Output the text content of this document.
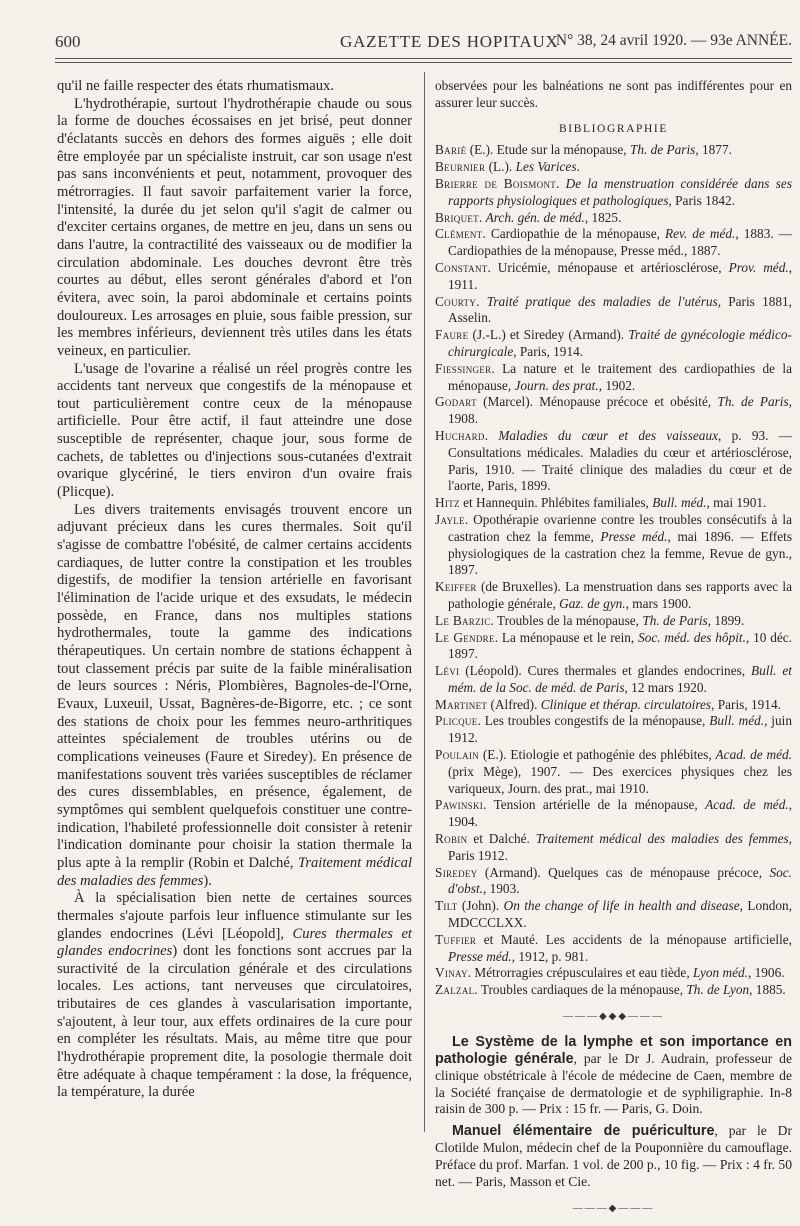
600	GAZETTE DES HOPITAUX
N° 38, 24 avril 1920. — 93e ANNÉE.

qu'il ne faille respecter des états rhumatismaux.

L'hydrothérapie, surtout l'hydrothérapie chaude ou sous la forme de douches écossaises en jet brisé, peut donner d'éclatants succès en dehors des formes aiguës ; elle doit être employée par un spécialiste instruit, car son usage n'est pas sans inconvénients et peut, notamment, provoquer des métrorragies. Il faut savoir parfaitement varier la force, l'intensité, la durée du jet selon qu'il s'agit de calmer ou d'exciter certains organes, de mettre en jeu, dans un sens ou dans l'autre, la contractilité des vaisseaux ou de modifier la circulation abdominale. Les douches devront être très courtes au début, elles seront générales d'abord et l'on évitera, avec soin, la paroi abdominale et certains points douloureux. Les arrosages en pluie, sous faible pression, sur les membres inférieurs, deviennent très utiles dans les états veineux, en particulier.

L'usage de l'ovarine a réalisé un réel progrès contre les accidents tant nerveux que congestifs de la ménopause et tout particulièrement contre ceux de la ménopause artificielle. Pour être actif, il faut atteindre une dose susceptible de représenter, chaque jour, sous forme de cachets, de tablettes ou d'injections sous-cutanées d'extrait ovarique glycériné, le tiers environ d'un ovaire frais (Plicque).

Les divers traitements envisagés trouvent encore un adjuvant précieux dans les cures thermales. Soit qu'il s'agisse de combattre l'obésité, de calmer certains accidents cardiaques, de lutter contre la constipation et les troubles digestifs, de modifier la tension artérielle en favorisant l'élimination de l'acide urique et des exsudats, le médecin possède, en France, dans nos multiples stations hydrothermales, toute la gamme des indications thérapeutiques. Un certain nombre de stations échappent à tout classement précis par suite de la faible minéralisation de leurs sources : Néris, Plombières, Bagnoles-de-l'Orne, Evaux, Luxeuil, Ussat, Bagnères-de-Bigorre, etc. ; ce sont des stations de choix pour les femmes neuro-arthritiques atteintes spécialement de troubles utérins ou de complications veineuses (Faure et Siredey). En présence de manifestations souvent très variées susceptibles de réclamer des cures dissemblables, en présence, également, de symptômes qui semblent quelquefois constituer une contre-indication, l'habileté professionnelle doit consister à retenir l'indication dominante pour choisir la station thermale la plus apte à la remplir (Robin et Dalché, Traitement médical des maladies des femmes).

À la spécialisation bien nette de certaines sources thermales s'ajoute parfois leur influence stimulante sur les glandes endocrines (Lévi [Léopold], Cures thermales et glandes endocrines) dont les fonctions sont accrues par la suractivité de la circulation générale et des circulations locales. Les actions, tant nerveuses que circulatoires, tributaires de ces glandes à vascularisation importante, s'ajoutent, à leur tour, aux effets ordinaires de la cure pour en compléter les résultats. Mais, au même titre que pour l'hydrothérapie proprement dite, la posologie thermale doit être adéquate à chaque tempérament : la dose, la fréquence, la température, la durée

observées pour les balnéations ne sont pas indifférentes pour en assurer leur succès.

BIBLIOGRAPHIE
Barié (E.). Etude sur la ménopause, Th. de Paris, 1877.
Beurnier (L.). Les Varices.
Brierre de Boismont. De la menstruation considérée dans ses rapports physiologiques et pathologiques, Paris 1842.
Briquet. Arch. gén. de méd., 1825.
Clément. Cardiopathie de la ménopause, Rev. de méd., 1883. — Cardiopathies de la ménopause, Presse méd., 1887.
Constant. Uricémie, ménopause et artériosclérose, Prov. méd., 1911.
Courty. Traité pratique des maladies de l'utérus, Paris 1881, Asselin.
Faure (J.-L.) et Siredey (Armand). Traité de gynécologie médico-chirurgicale, Paris, 1914.
Fiessinger. La nature et le traitement des cardiopathies de la ménopause, Journ. des prat., 1902.
Godart (Marcel). Ménopause précoce et obésité, Th. de Paris, 1908.
Huchard. Maladies du cœur et des vaisseaux, p. 93. — Consultations médicales. Maladies du cœur et artériosclérose, Paris, 1910. — Traité clinique des maladies du cœur et de l'aorte, Paris, 1899.
Hitz et Hannequin. Phlébites familiales, Bull. méd., mai 1901.
Jayle. Opothérapie ovarienne contre les troubles consécutifs à la castration chez la femme, Presse méd., mai 1896. — Effets physiologiques de la castration chez la femme, Revue de gyn., 1897.
Keiffer (de Bruxelles). La menstruation dans ses rapports avec la pathologie générale, Gaz. de gyn., mars 1900.
Le Barzic. Troubles de la ménopause, Th. de Paris, 1899.
Le Gendre. La ménopause et le rein, Soc. méd. des hôpit., 10 déc. 1897.
Lévi (Léopold). Cures thermales et glandes endocrines, Bull. et mém. de la Soc. de méd. de Paris, 12 mars 1920.
Martinet (Alfred). Clinique et thérap. circulatoires, Paris, 1914.
Plicque. Les troubles congestifs de la ménopause, Bull. méd., juin 1912.
Poulain (E.). Etiologie et pathogénie des phlébites, Acad. de méd. (prix Mège), 1907. — Des exercices physiques chez les variqueux, Journ. des prat., mai 1910.
Pawinski. Tension artérielle de la ménopause, Acad. de méd., 1904.
Robin et Dalché. Traitement médical des maladies des femmes, Paris 1912.
Siredey (Armand). Quelques cas de ménopause précoce, Soc. d'obst., 1903.
Tilt (John). On the change of life in health and disease, London, MDCCCLXX.
Tuffier et Mauté. Les accidents de la ménopause artificielle, Presse méd., 1912, p. 981.
Vinay. Métrorragies crépusculaires et eau tiède, Lyon méd., 1906.
Zalzal. Troubles cardiaques de la ménopause, Th. de Lyon, 1885.
———◆◆◆———

Le Système de la lymphe et son importance en pathologie générale, par le Dr J. Audrain, professeur de clinique obstétricale à l'école de médecine de Caen, membre de la Société française de dermatologie et de syphiligraphie. In-8 raisin de 300 p. — Prix : 15 fr. — Paris, G. Doin.

Manuel élémentaire de puériculture, par le Dr Clotilde Mulon, médecin chef de la Pouponnière du camouflage. Préface du prof. Marfan. 1 vol. de 200 p., 10 fig. — Prix : 4 fr. 50 net. — Paris, Masson et Cie.

———◆———
